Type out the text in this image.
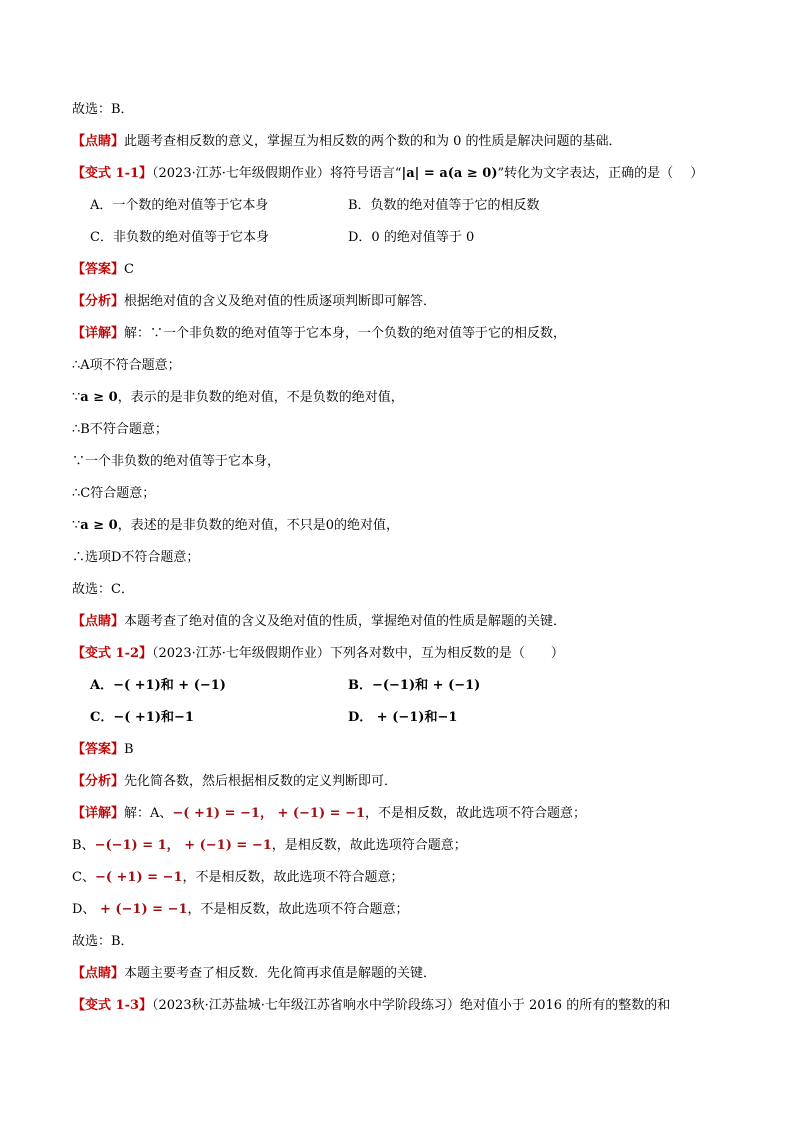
故选：B．
【点睛】此题考查相反数的意义，掌握互为相反数的两个数的和为 0 的性质是解决问题的基础．
【变式 1-1】（2023·江苏·七年级假期作业）将符号语言“|a| = a(a ≥ 0)”转化为文字表达，正确的是（　 ）
A．一个数的绝对值等于它本身	B．负数的绝对值等于它的相反数
C．非负数的绝对值等于它本身	D．0 的绝对值等于 0
【答案】C
【分析】根据绝对值的含义及绝对值的性质逐项判断即可解答．
【详解】解：∵一个非负数的绝对值等于它本身，一个负数的绝对值等于它的相反数，
∴A项不符合题意；
∵a ≥ 0，表示的是非负数的绝对值，不是负数的绝对值，
∴B不符合题意；
∵一个非负数的绝对值等于它本身，
∴C符合题意；
∵a ≥ 0，表述的是非负数的绝对值，不只是0的绝对值，
∴选项D不符合题意；
故选：C．
【点睛】本题考查了绝对值的含义及绝对值的性质，掌握绝对值的性质是解题的关键．
【变式 1-2】（2023·江苏·七年级假期作业）下列各对数中，互为相反数的是（　　）
A．−( +1)和 + (−1)	B．−(−1)和 + (−1)
C．−( +1)和−1	D． + (−1)和−1
【答案】B
【分析】先化简各数，然后根据相反数的定义判断即可．
【详解】解：A、−( +1) = −1， + (−1) = −1，不是相反数，故此选项不符合题意；
B、−(−1) = 1， + (−1) = −1，是相反数，故此选项符合题意；
C、−( +1) = −1，不是相反数，故此选项不符合题意；
D、 + (−1) = −1，不是相反数，故此选项不符合题意；
故选：B．
【点睛】本题主要考查了相反数．先化简再求值是解题的关键．
【变式 1-3】（2023秋·江苏盐城·七年级江苏省响水中学阶段练习）绝对值小于 2016 的所有的整数的和
